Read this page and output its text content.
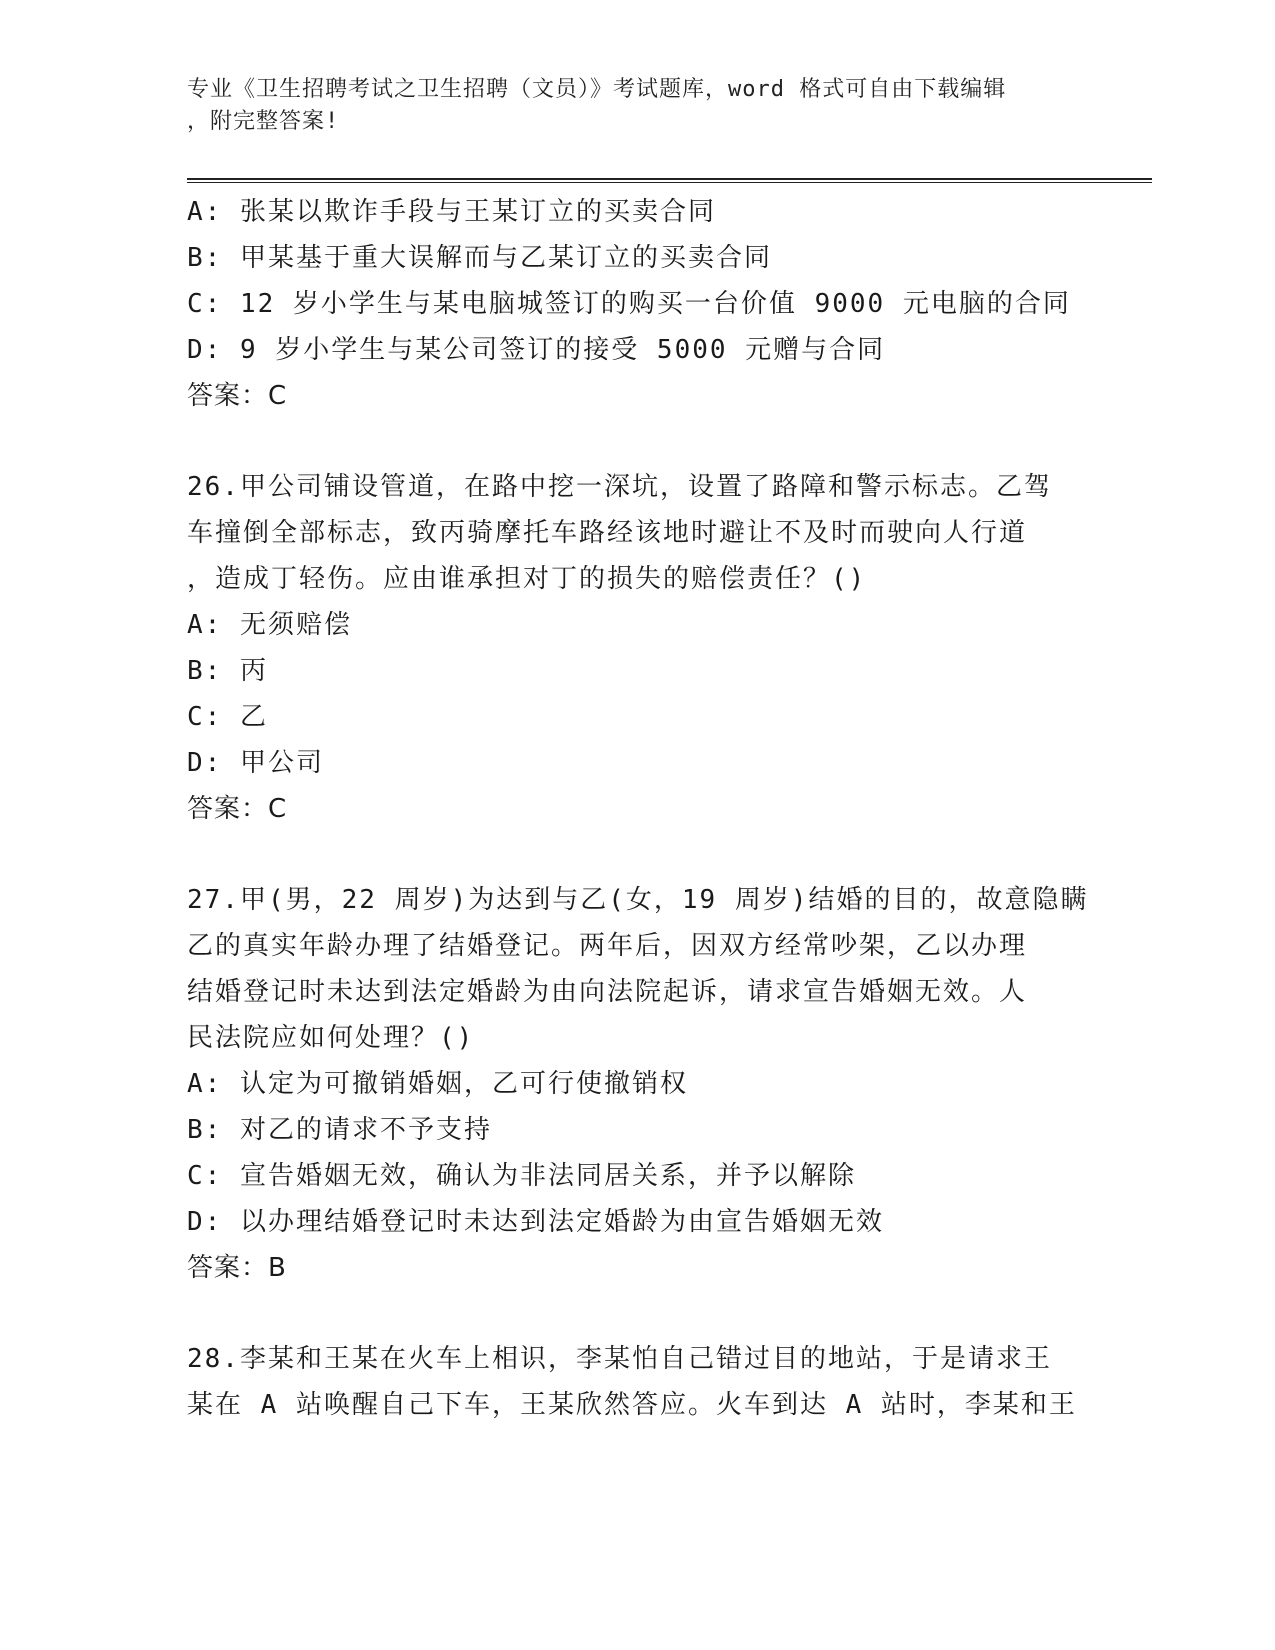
专业《卫生招聘考试之卫生招聘（文员）》考试题库，word 格式可自由下载编辑
，附完整答案!
A: 张某以欺诈手段与王某订立的买卖合同
B: 甲某基于重大误解而与乙某订立的买卖合同
C: 12 岁小学生与某电脑城签订的购买一台价值 9000 元电脑的合同
D: 9 岁小学生与某公司签订的接受 5000 元赠与合同
答案：C
26.甲公司铺设管道，在路中挖一深坑，设置了路障和警示标志。乙驾
车撞倒全部标志，致丙骑摩托车路经该地时避让不及时而驶向人行道
，造成丁轻伤。应由谁承担对丁的损失的赔偿责任？()
A: 无须赔偿
B: 丙
C: 乙
D: 甲公司
答案：C
27.甲(男，22 周岁)为达到与乙(女，19 周岁)结婚的目的，故意隐瞒
乙的真实年龄办理了结婚登记。两年后，因双方经常吵架，乙以办理
结婚登记时未达到法定婚龄为由向法院起诉，请求宣告婚姻无效。人
民法院应如何处理？()
A: 认定为可撤销婚姻，乙可行使撤销权
B: 对乙的请求不予支持
C: 宣告婚姻无效，确认为非法同居关系，并予以解除
D: 以办理结婚登记时未达到法定婚龄为由宣告婚姻无效
答案：B
28.李某和王某在火车上相识，李某怕自己错过目的地站，于是请求王
某在 A 站唤醒自己下车，王某欣然答应。火车到达 A 站时，李某和王
